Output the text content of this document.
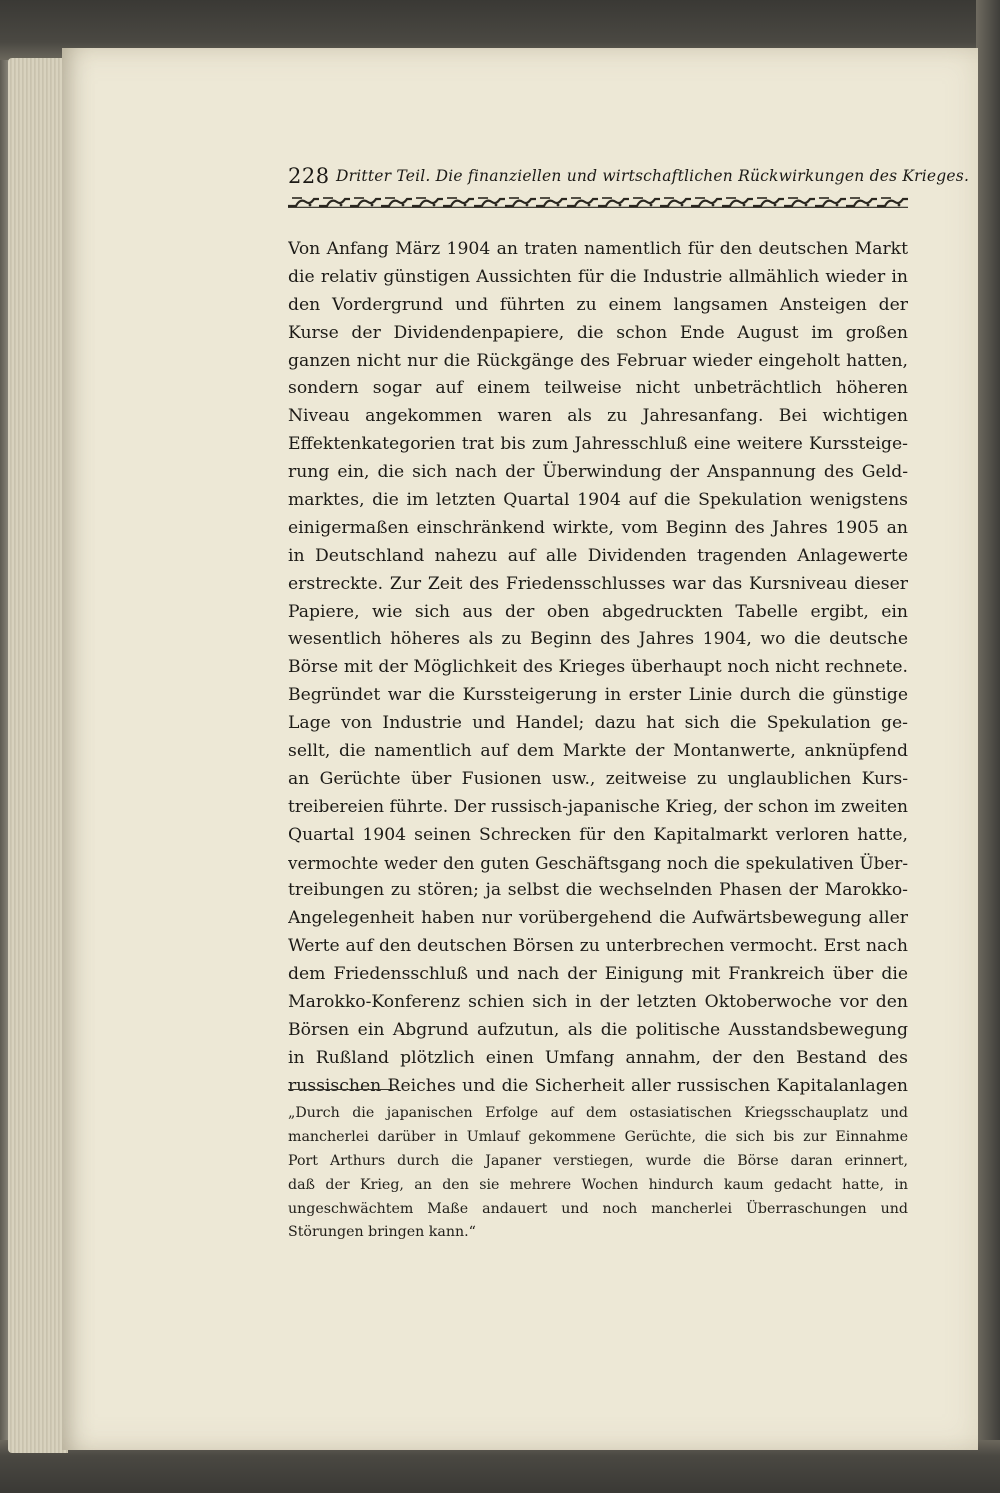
228 Dritter Teil. Die finanziellen und wirtschaftlichen Rückwirkungen des Krieges.
Von Anfang März 1904 an traten namentlich für den deutschen Markt
die relativ günstigen Aussichten für die Industrie allmählich wieder in
den Vordergrund und führten zu einem langsamen Ansteigen der
Kurse der Dividendenpapiere, die schon Ende August im großen
ganzen nicht nur die Rückgänge des Februar wieder eingeholt hatten,
sondern sogar auf einem teilweise nicht unbeträchtlich höheren
Niveau angekommen waren als zu Jahresanfang. Bei wichtigen
Effektenkategorien trat bis zum Jahresschluß eine weitere Kurssteige-
rung ein, die sich nach der Überwindung der Anspannung des Geld-
marktes, die im letzten Quartal 1904 auf die Spekulation wenigstens
einigermaßen einschränkend wirkte, vom Beginn des Jahres 1905 an
in Deutschland nahezu auf alle Dividenden tragenden Anlagewerte
erstreckte. Zur Zeit des Friedensschlusses war das Kursniveau dieser
Papiere, wie sich aus der oben abgedruckten Tabelle ergibt, ein
wesentlich höheres als zu Beginn des Jahres 1904, wo die deutsche
Börse mit der Möglichkeit des Krieges überhaupt noch nicht rechnete.
Begründet war die Kurssteigerung in erster Linie durch die günstige
Lage von Industrie und Handel; dazu hat sich die Spekulation ge-
sellt, die namentlich auf dem Markte der Montanwerte, anknüpfend
an Gerüchte über Fusionen usw., zeitweise zu unglaublichen Kurs-
treibereien führte. Der russisch-japanische Krieg, der schon im zweiten
Quartal 1904 seinen Schrecken für den Kapitalmarkt verloren hatte,
vermochte weder den guten Geschäftsgang noch die spekulativen Über-
treibungen zu stören; ja selbst die wechselnden Phasen der Marokko-
Angelegenheit haben nur vorübergehend die Aufwärtsbewegung aller
Werte auf den deutschen Börsen zu unterbrechen vermocht. Erst nach
dem Friedensschluß und nach der Einigung mit Frankreich über die
Marokko-Konferenz schien sich in der letzten Oktoberwoche vor den
Börsen ein Abgrund aufzutun, als die politische Ausstandsbewegung
in Rußland plötzlich einen Umfang annahm, der den Bestand des
russischen Reiches und die Sicherheit aller russischen Kapitalanlagen
„Durch die japanischen Erfolge auf dem ostasiatischen Kriegsschauplatz und
mancherlei darüber in Umlauf gekommene Gerüchte, die sich bis zur Einnahme
Port Arthurs durch die Japaner verstiegen, wurde die Börse daran erinnert,
daß der Krieg, an den sie mehrere Wochen hindurch kaum gedacht hatte, in
ungeschwächtem Maße andauert und noch mancherlei Überraschungen und
Störungen bringen kann.“
